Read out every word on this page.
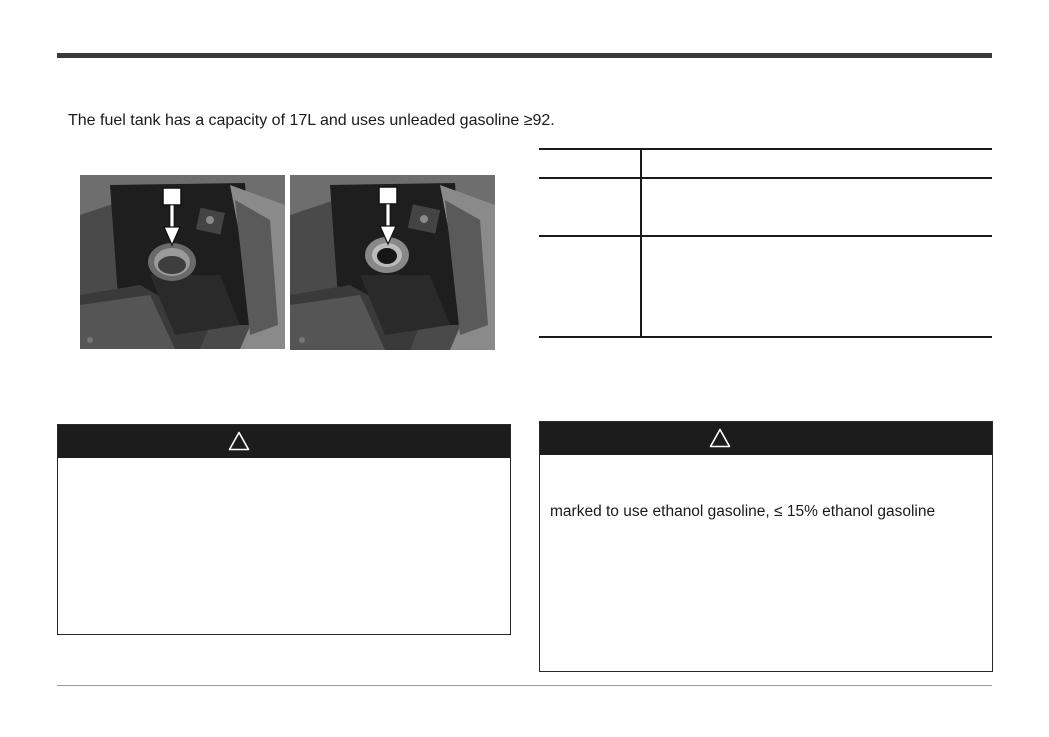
The fuel tank has a capacity of 17L and uses unleaded gasoline ≥92.
marked to use ethanol gasoline, ≤ 15% ethanol gasoline
